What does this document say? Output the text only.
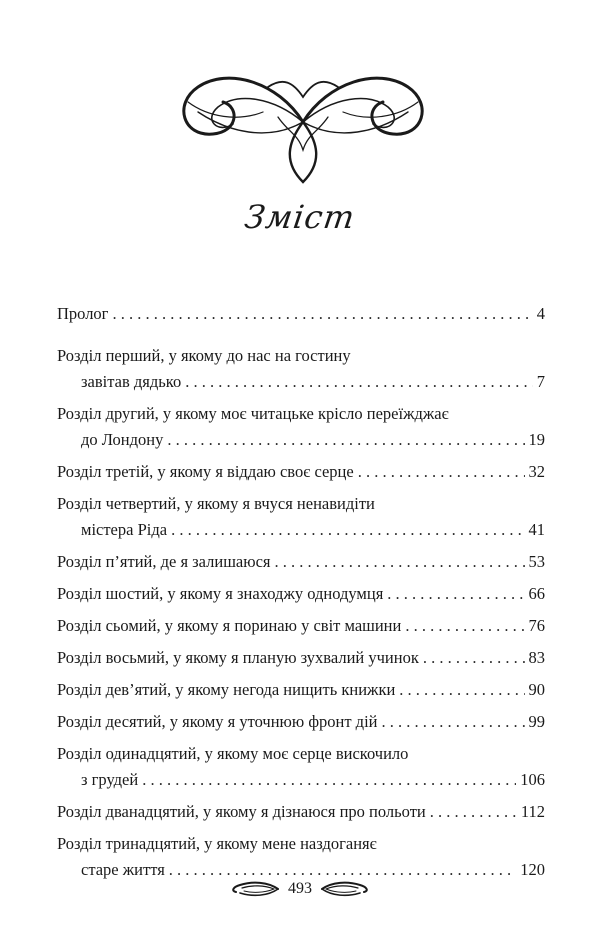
Зміст
Пролог . . .	4
Розділ перший, у якому до нас на гостину
завітав дядько . . .	7
Розділ другий, у якому моє читацьке крісло переїжджає
до Лондону . . .	19
Розділ третій, у якому я віддаю своє серце . . .	32
Розділ четвертий, у якому я вчуся ненавидіти
містера Ріда . . .	41
Розділ п’ятий, де я залишаюся . . .	53
Розділ шостий, у якому я знаходжу однодумця . . .	66
Розділ сьомий, у якому я поринаю у світ машини . . .	76
Розділ восьмий, у якому я планую зухвалий учинок . . .	83
Розділ дев’ятий, у якому негода нищить книжки . . .	90
Розділ десятий, у якому я уточнюю фронт дій . . .	99
Розділ одинадцятий, у якому моє серце вискочило
з грудей . . .	106
Розділ дванадцятий, у якому я дізнаюся про польоти . . .	112
Розділ тринадцятий, у якому мене наздоганяє
старе життя . . .	120
493
